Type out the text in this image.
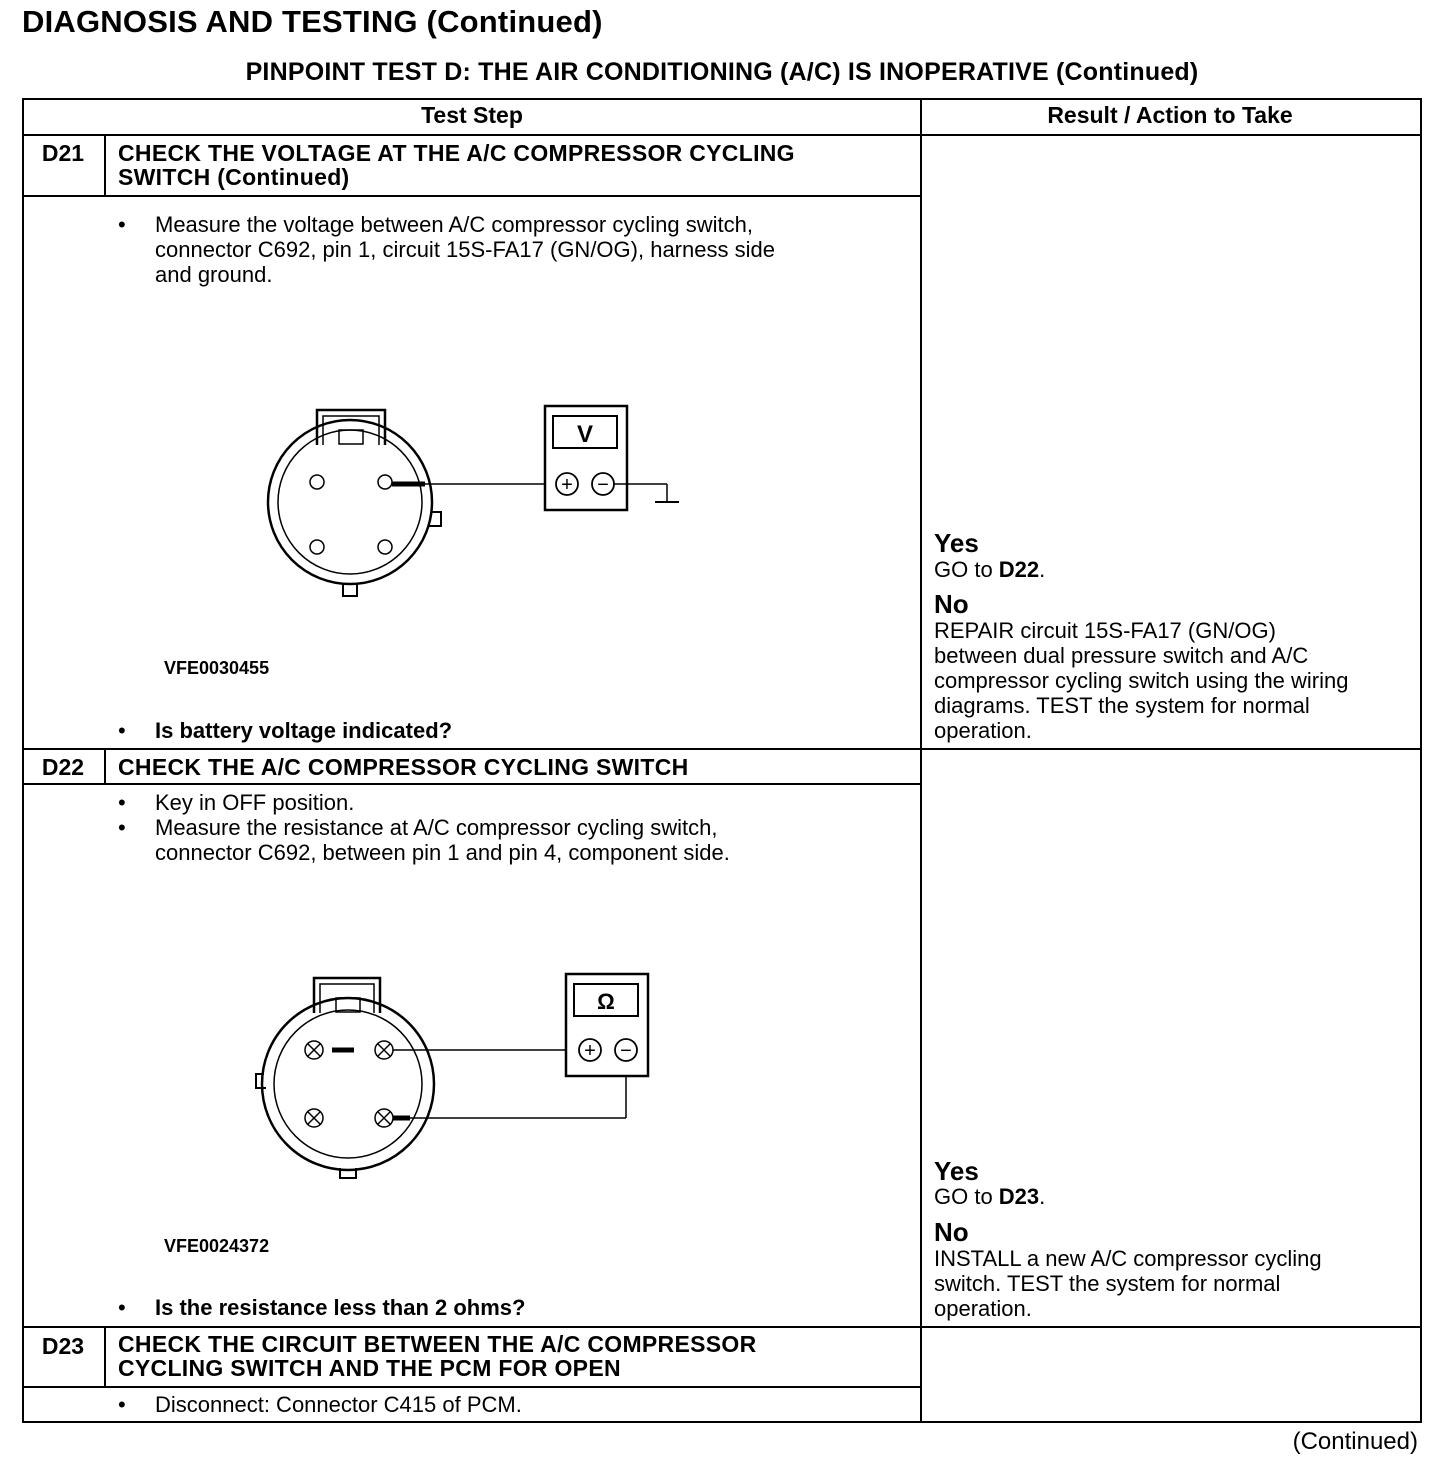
DIAGNOSIS AND TESTING (Continued)
PINPOINT TEST D: THE AIR CONDITIONING (A/C) IS INOPERATIVE (Continued)
Test Step	Result / Action to Take
D21	CHECK THE VOLTAGE AT THE A/C COMPRESSOR CYCLING
SWITCH (Continued)
•	Measure the voltage between A/C compressor cycling switch,
connector C692, pin 1, circuit 15S-FA17 (GN/OG), harness side
and ground.
V
+ −
VFE0030455
•	Is battery voltage indicated?
Yes
GO to D22.
No
REPAIR circuit 15S-FA17 (GN/OG)
between dual pressure switch and A/C
compressor cycling switch using the wiring
diagrams. TEST the system for normal
operation.
D22	CHECK THE A/C COMPRESSOR CYCLING SWITCH
•	Key in OFF position.
•	Measure the resistance at A/C compressor cycling switch,
connector C692, between pin 1 and pin 4, component side.
Ω
+ −
VFE0024372
•	Is the resistance less than 2 ohms?
Yes
GO to D23.
No
INSTALL a new A/C compressor cycling
switch. TEST the system for normal
operation.
D23	CHECK THE CIRCUIT BETWEEN THE A/C COMPRESSOR
CYCLING SWITCH AND THE PCM FOR OPEN
•	Disconnect: Connector C415 of PCM.
(Continued)
